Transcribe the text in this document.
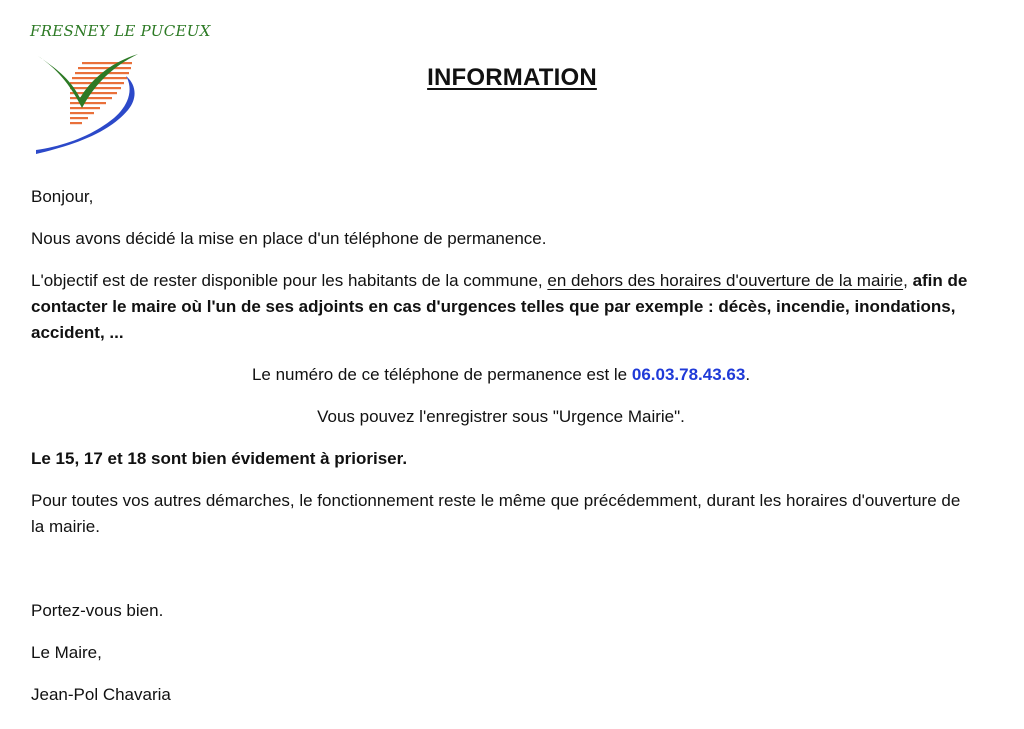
FRESNEY LE PUCEUX
INFORMATION

Bonjour,

Nous avons décidé la mise en place d'un téléphone de permanence.

L'objectif est de rester disponible pour les habitants de la commune, en dehors des horaires d'ouverture de la mairie, afin de contacter le maire où l'un de ses adjoints en cas d'urgences telles que par exemple : décès, incendie, inondations, accident, ...

Le numéro de ce téléphone de permanence est le 06.03.78.43.63.

Vous pouvez l'enregistrer sous "Urgence Mairie".

Le 15, 17 et 18 sont bien évidement à prioriser.

Pour toutes vos autres démarches, le fonctionnement reste le même que précédemment, durant les horaires d'ouverture de la mairie.

Portez-vous bien.

Le Maire,

Jean-Pol Chavaria
